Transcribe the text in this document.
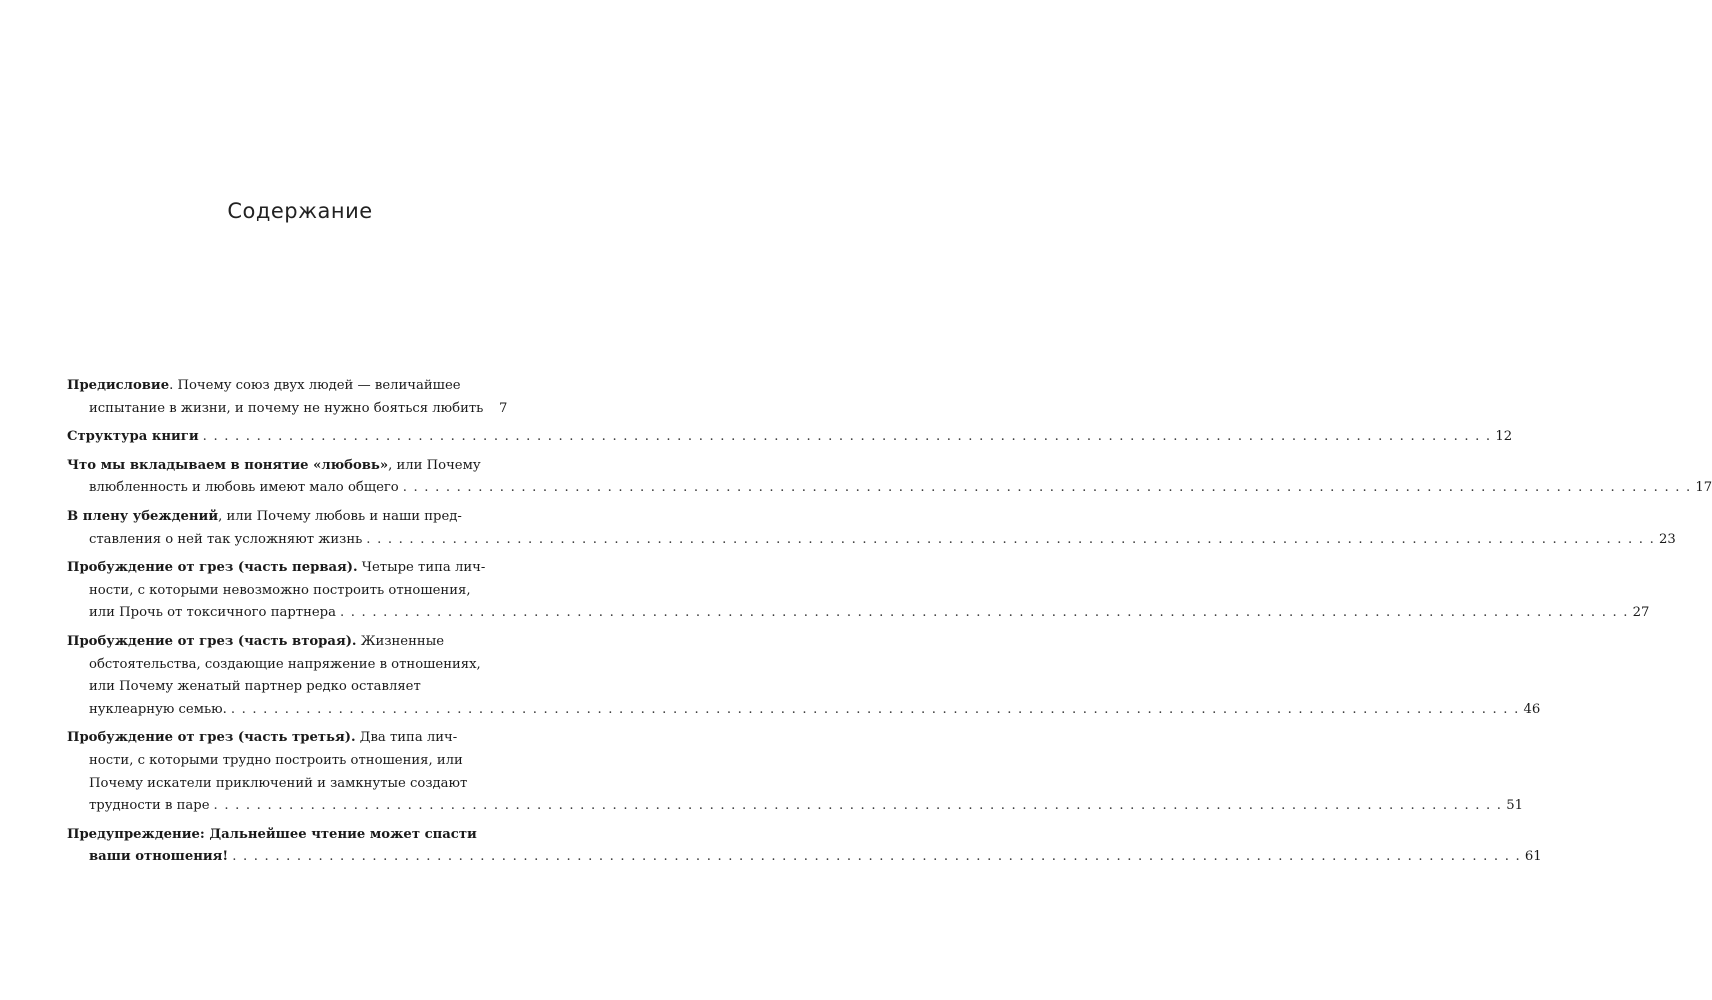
Содержание
Предисловие. Почему союз двух людей — величайшее
испытание в жизни, и почему не нужно бояться любить	7
Структура книги . . . . . . . . . . . . . . . . . . . . . . . . . . . . . . . . . . . . . . . . . . . . . . . . . . . . . . . . . . . . . . . . . . . . . . . . . . . . . . . . . . . . . . . . . . . . . . . . . . . . . . . . . . . . . . . . . . . . . . . . 12
Что мы вкладываем в понятие «любовь», или Почему
влюбленность и любовь имеют мало общего . . . . . . . . . . . . . . . . . . . . . . . . . . . . . . . . . . . . . . . . . . . . . . . . . . . . . . . . . . . . . . . . . . . . . . . . . . . . . . . . . . . . . . . . . . . . . . . . . . . . . . . . . . . . . . . . . . . . . . . . 17
В плену убеждений, или Почему любовь и наши пред-
ставления о ней так усложняют жизнь . . . . . . . . . . . . . . . . . . . . . . . . . . . . . . . . . . . . . . . . . . . . . . . . . . . . . . . . . . . . . . . . . . . . . . . . . . . . . . . . . . . . . . . . . . . . . . . . . . . . . . . . . . . . . . . . . . . . . . . . 23
Пробуждение от грез (часть первая). Четыре типа лич-
ности, с которыми невозможно построить отношения,
или Прочь от токсичного партнера . . . . . . . . . . . . . . . . . . . . . . . . . . . . . . . . . . . . . . . . . . . . . . . . . . . . . . . . . . . . . . . . . . . . . . . . . . . . . . . . . . . . . . . . . . . . . . . . . . . . . . . . . . . . . . . . . . . . . . . . 27
Пробуждение от грез (часть вторая). Жизненные
обстоятельства, создающие напряжение в отношениях,
или Почему женатый партнер редко оставляет
нуклеарную семью. . . . . . . . . . . . . . . . . . . . . . . . . . . . . . . . . . . . . . . . . . . . . . . . . . . . . . . . . . . . . . . . . . . . . . . . . . . . . . . . . . . . . . . . . . . . . . . . . . . . . . . . . . . . . . . . . . . . . . . . . 46
Пробуждение от грез (часть третья). Два типа лич-
ности, с которыми трудно построить отношения, или
Почему искатели приключений и замкнутые создают
трудности в паре . . . . . . . . . . . . . . . . . . . . . . . . . . . . . . . . . . . . . . . . . . . . . . . . . . . . . . . . . . . . . . . . . . . . . . . . . . . . . . . . . . . . . . . . . . . . . . . . . . . . . . . . . . . . . . . . . . . . . . . . 51
Предупреждение: Дальнейшее чтение может спасти
ваши отношения! . . . . . . . . . . . . . . . . . . . . . . . . . . . . . . . . . . . . . . . . . . . . . . . . . . . . . . . . . . . . . . . . . . . . . . . . . . . . . . . . . . . . . . . . . . . . . . . . . . . . . . . . . . . . . . . . . . . . . . . . 61
